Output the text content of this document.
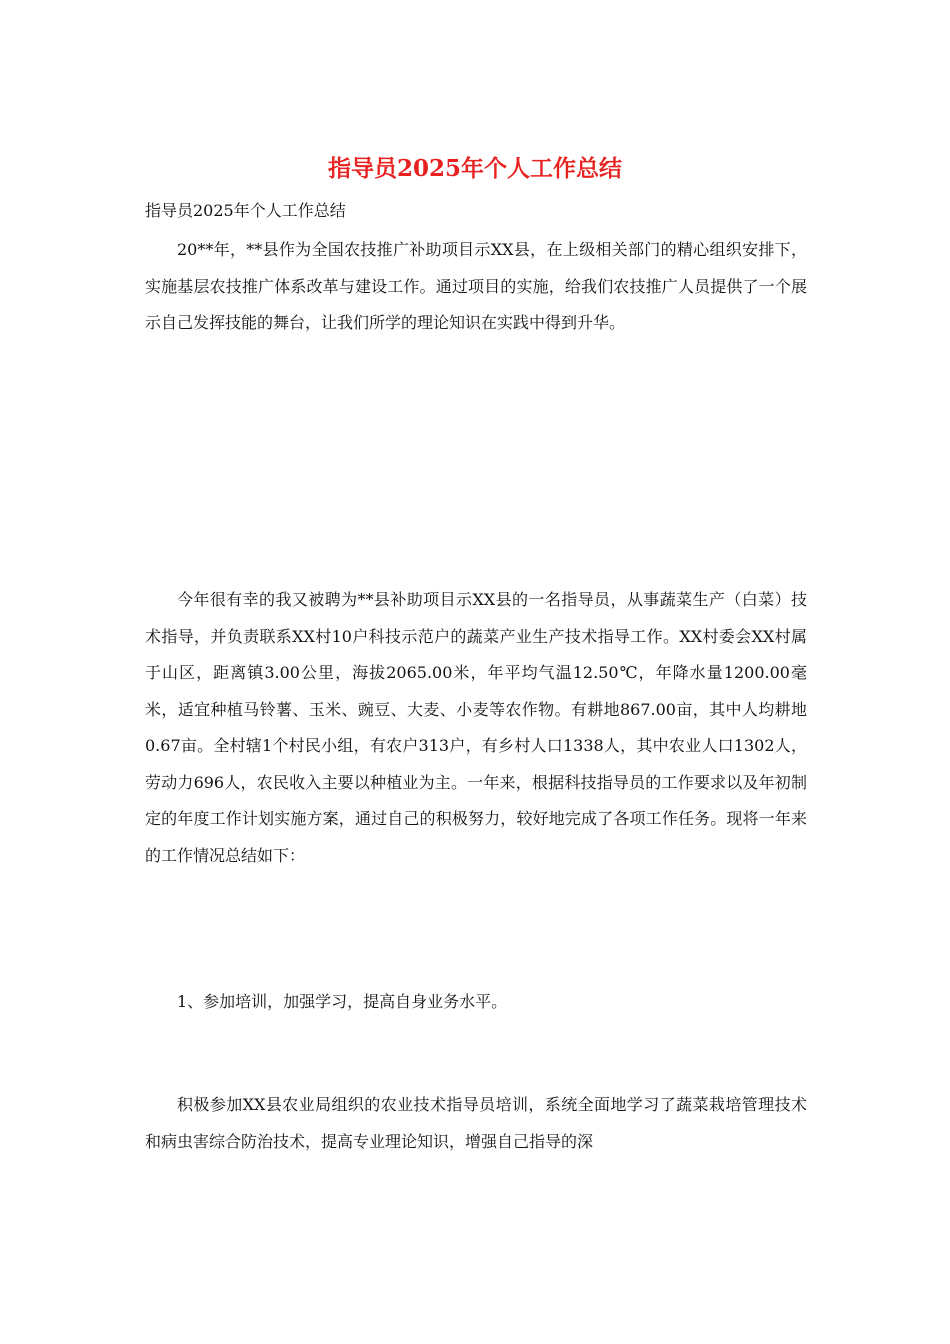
指导员2025年个人工作总结
指导员2025年个人工作总结

20**年，**县作为全国农技推广补助项目示XX县，在上级相关部门的精心组织安排下，实施基层农技推广体系改革与建设工作。通过项目的实施，给我们农技推广人员提供了一个展示自己发挥技能的舞台，让我们所学的理论知识在实践中得到升华。

今年很有幸的我又被聘为**县补助项目示XX县的一名指导员，从事蔬菜生产（白菜）技术指导，并负责联系XX村10户科技示范户的蔬菜产业生产技术指导工作。XX村委会XX村属于山区，距离镇3.00公里，海拔2065.00米，年平均气温12.50℃，年降水量1200.00毫米，适宜种植马铃薯、玉米、豌豆、大麦、小麦等农作物。有耕地867.00亩，其中人均耕地0.67亩。全村辖1个村民小组，有农户313户，有乡村人口1338人，其中农业人口1302人，劳动力696人，农民收入主要以种植业为主。一年来，根据科技指导员的工作要求以及年初制定的年度工作计划实施方案，通过自己的积极努力，较好地完成了各项工作任务。现将一年来的工作情况总结如下：

1、参加培训，加强学习，提高自身业务水平。

积极参加XX县农业局组织的农业技术指导员培训，系统全面地学习了蔬菜栽培管理技术和病虫害综合防治技术，提高专业理论知识，增强自己指导的深
